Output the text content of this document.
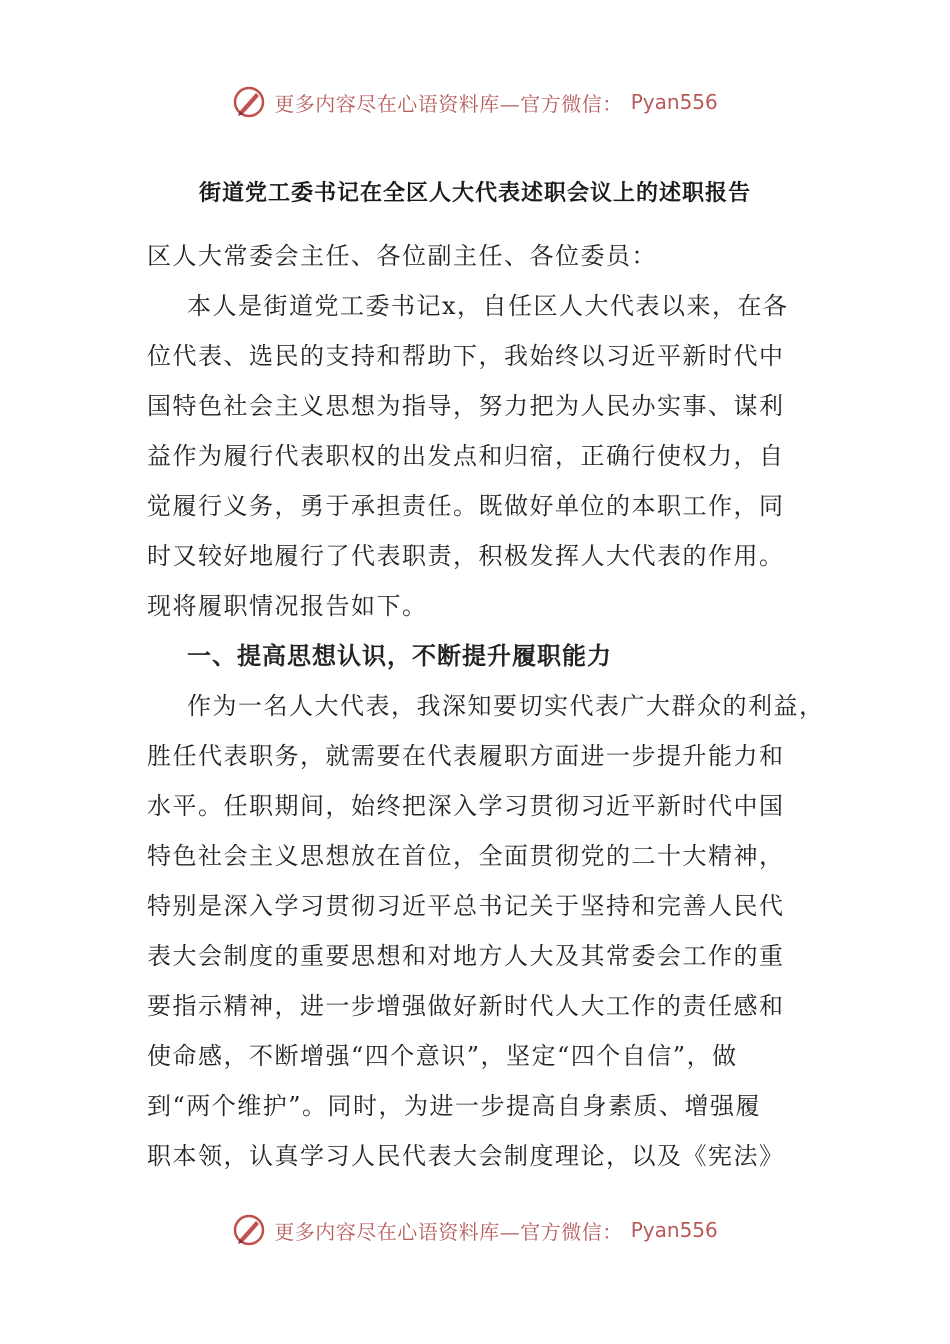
更多内容尽在心语资料库—官方微信： Pyan556
街道党工委书记在全区人大代表述职会议上的述职报告
区人大常委会主任、各位副主任、各位委员：
本人是街道党工委书记x，自任区人大代表以来，在各
位代表、选民的支持和帮助下，我始终以习近平新时代中
国特色社会主义思想为指导，努力把为人民办实事、谋利
益作为履行代表职权的出发点和归宿，正确行使权力，自
觉履行义务，勇于承担责任。既做好单位的本职工作，同
时又较好地履行了代表职责，积极发挥人大代表的作用。
现将履职情况报告如下。
一、提高思想认识，不断提升履职能力
作为一名人大代表，我深知要切实代表广大群众的利益，
胜任代表职务，就需要在代表履职方面进一步提升能力和
水平。任职期间，始终把深入学习贯彻习近平新时代中国
特色社会主义思想放在首位，全面贯彻党的二十大精神，
特别是深入学习贯彻习近平总书记关于坚持和完善人民代
表大会制度的重要思想和对地方人大及其常委会工作的重
要指示精神，进一步增强做好新时代人大工作的责任感和
使命感，不断增强“四个意识”，坚定“四个自信”，做
到“两个维护”。同时，为进一步提高自身素质、增强履
职本领，认真学习人民代表大会制度理论，以及《宪法》
更多内容尽在心语资料库—官方微信： Pyan556
